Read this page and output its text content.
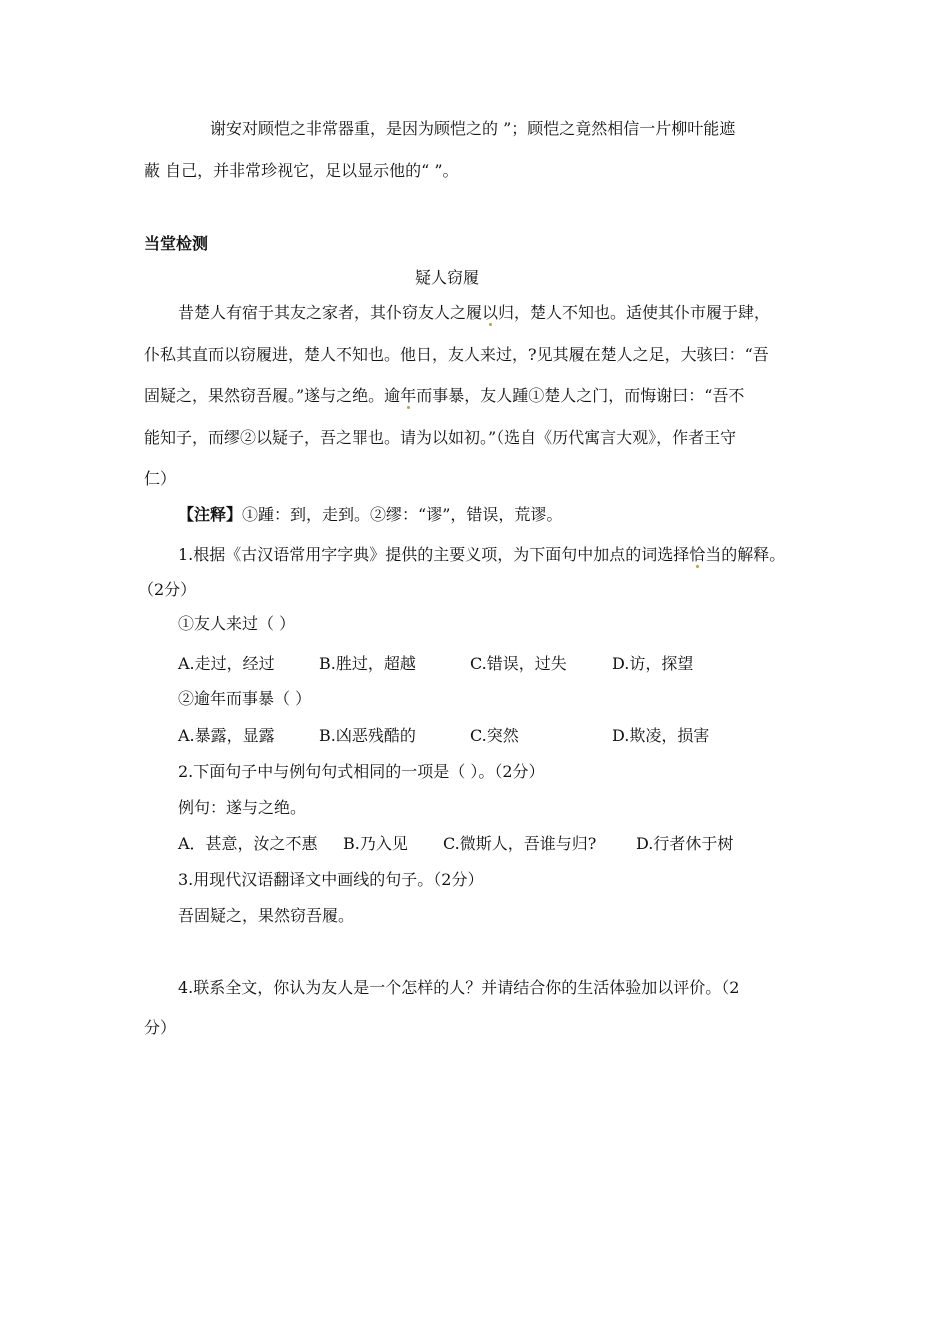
谢安对顾恺之非常器重，是因为顾恺之的 ”；顾恺之竟然相信一片柳叶能遮
蔽 自己，并非常珍视它，足以显示他的“ ”。
当堂检测
疑人窃履
昔楚人有宿于其友之家者，其仆窃友人之履以归，楚人不知也。适使其仆市履于肆，
仆私其直而以窃履进，楚人不知也。他日，友人来过，?见其履在楚人之足，大骇曰：“吾
固疑之，果然窃吾履。”遂与之绝。逾年而事暴，友人踵①楚人之门，而悔谢曰：“吾不
能知子，而缪②以疑子，吾之罪也。请为以如初。”（选自《历代寓言大观》，作者王守
仁）
【注释】①踵：到，走到。②缪：“谬”，错误，荒谬。
1.根据《古汉语常用字字典》提供的主要义项，为下面句中加点的词选择恰当的解释。
（2分）
①友人来过（ ）
A.走过，经过	B.胜过，超越	C.错误，过失	D.访，探望
②逾年而事暴（ ）
A.暴露，显露	B.凶恶残酷的	C.突然	D.欺凌，损害
2.下面句子中与例句句式相同的一项是（ ）。（2分）
例句：遂与之绝。
A．甚意，汝之不惠 B.乃入见 C.微斯人，吾谁与归? D.行者休于树
3.用现代汉语翻译文中画线的句子。（2分）
吾固疑之，果然窃吾履。
4.联系全文，你认为友人是一个怎样的人？并请结合你的生活体验加以评价。（2
分）
